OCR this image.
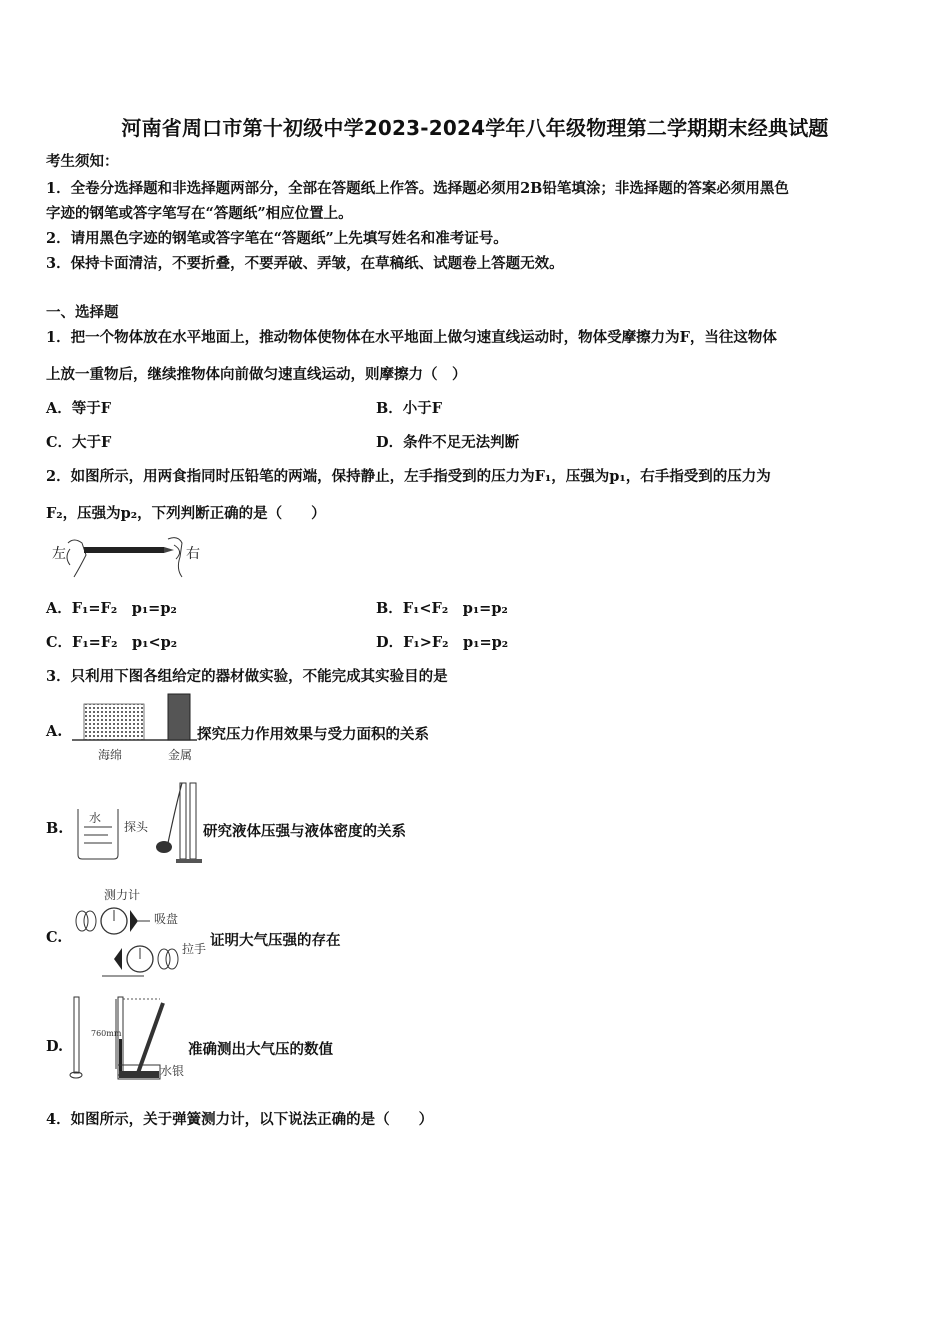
河南省周口市第十初级中学2023-2024学年八年级物理第二学期期末经典试题
考生须知：
1．全卷分选择题和非选择题两部分，全部在答题纸上作答。选择题必须用2B铅笔填涂；非选择题的答案必须用黑色
字迹的钢笔或答字笔写在“答题纸”相应位置上。
2．请用黑色字迹的钢笔或答字笔在“答题纸”上先填写姓名和准考证号。
3．保持卡面清洁，不要折叠，不要弄破、弄皱，在草稿纸、试题卷上答题无效。
一、选择题
1．把一个物体放在水平地面上，推动物体使物体在水平地面上做匀速直线运动时，物体受摩擦力为F，当往这物体
上放一重物后，继续推物体向前做匀速直线运动，则摩擦力（　）
A．等于F	B．小于F
C．大于F	D．条件不足无法判断
2．如图所示，用两食指同时压铅笔的两端，保持静止，左手指受到的压力为F₁，压强为p₁，右手指受到的压力为
F₂，压强为p₂，下列判断正确的是（　　）
左	右
A．F₁=F₂　p₁=p₂	B．F₁<F₂　p₁=p₂
C．F₁=F₂　p₁<p₂	D．F₁>F₂　p₁=p₂
3．只利用下图各组给定的器材做实验，不能完成其实验目的是
A.
海绵	金属
探究压力作用效果与受力面积的关系
B.
水
探头	研究液体压强与液体密度的关系
C.
测力计
吸盘
拉手 证明大气压强的存在
D.
760mm
水银
准确测出大气压的数值
4．如图所示，关于弹簧测力计，以下说法正确的是（　　）
